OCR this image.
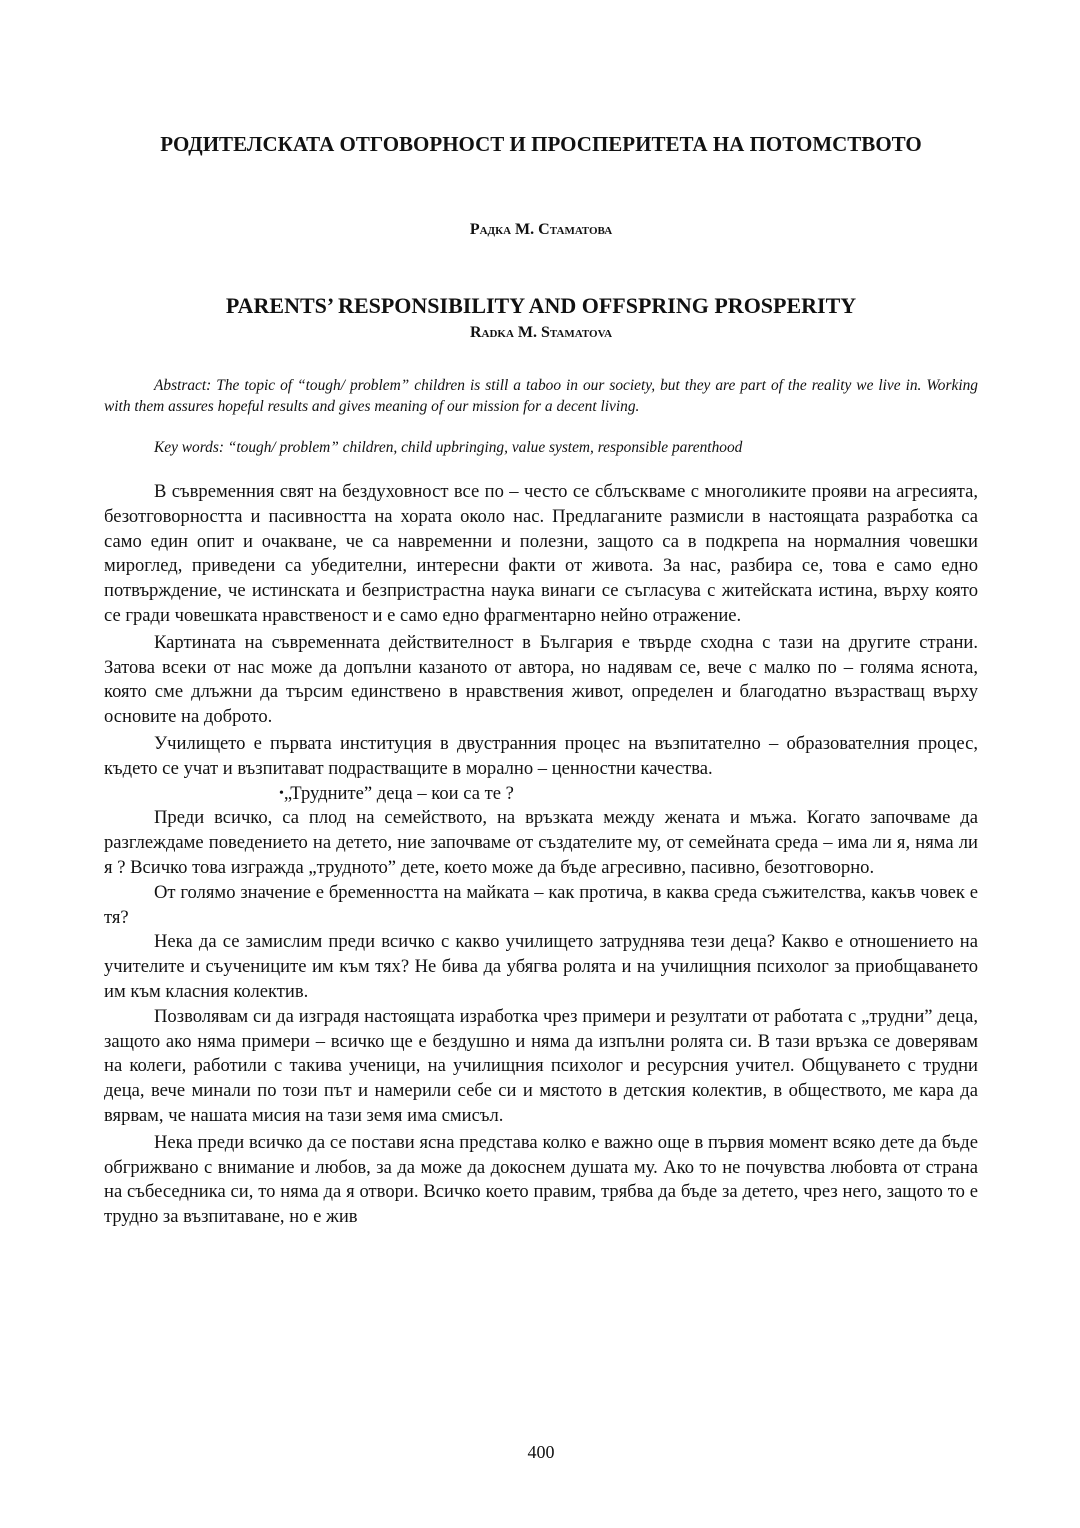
РОДИТЕЛСКАТА ОТГОВОРНОСТ И ПРОСПЕРИТЕТА НА ПОТОМСТВОТО
Радка М. Стаматова
PARENTS’ RESPONSIBILITY AND OFFSPRING PROSPERITY
Radka M. Stamatova

Abstract: The topic of “tough/ problem” children is still a taboo in our society, but they are part of the reality we live in. Working with them assures hopeful results and gives meaning of our mission for a decent living.

Key words: “tough/ problem” children, child upbringing, value system, responsible parenthood

В съвременния свят на бездуховност все по – често се сблъскваме с многоликите прояви на агресията, безотговорността и пасивността на хората около нас. Предлаганите размисли в настоящата разработка са само един опит и очакване, че са навременни и полезни, защото са в подкрепа на нормалния човешки мироглед, приведени са убедителни, интересни факти от живота. За нас, разбира се, това е само едно потвърждение, че истинската и безпристрастна наука винаги се съгласува с житейската истина, върху която се гради човешката нравственост и е само едно фрагментарно нейно отражение.

Картината на съвременната действителност в България е твърде сходна с тази на другите страни. Затова всеки от нас може да допълни казаното от автора, но надявам се, вече с малко по – голяма яснота, която сме длъжни да търсим единствено в нравствения живот, определен и благодатно възрастващ върху основите на доброто.

Училището е първата институция в двустранния процес на възпитателно – образователния процес, където се учат и възпитават подрастващите в морално – ценностни качества.

•„Трудните” деца – кои са те ?

Преди всичко, са плод на семейството, на връзката между жената и мъжа. Когато започваме да разглеждаме поведението на детето, ние започваме от създателите му, от семейната среда – има ли я, няма ли я ? Всичко това изгражда „трудното” дете, което може да бъде агресивно, пасивно, безотговорно.

От голямо значение е бременността на майката – как протича, в каква среда съжителства, какъв човек е тя?

Нека да се замислим преди всичко с какво училището затруднява тези деца? Какво е отношението на учителите и съучениците им към тях? Не бива да убягва ролята и на училищния психолог за приобщаването им към класния колектив.

Позволявам си да изградя настоящата изработка чрез примери и резултати от работата с „трудни” деца, защото ако няма примери – всичко ще е бездушно и няма да изпълни ролята си. В тази връзка се доверявам на колеги, работили с такива ученици, на училищния психолог и ресурсния учител. Общуването с трудни деца, вече минали по този път и намерили себе си и мястото в детския колектив, в обществото, ме кара да вярвам, че нашата мисия на тази земя има смисъл.

Нека преди всичко да се постави ясна представа колко е важно още в първия момент всяко дете да бъде обгрижвано с внимание и любов, за да може да докоснем душата му. Ако то не почувства любовта от страна на събеседника си, то няма да я отвори. Всичко което правим, трябва да бъде за детето, чрез него, защото то е трудно за възпитаване, но е жив

400
